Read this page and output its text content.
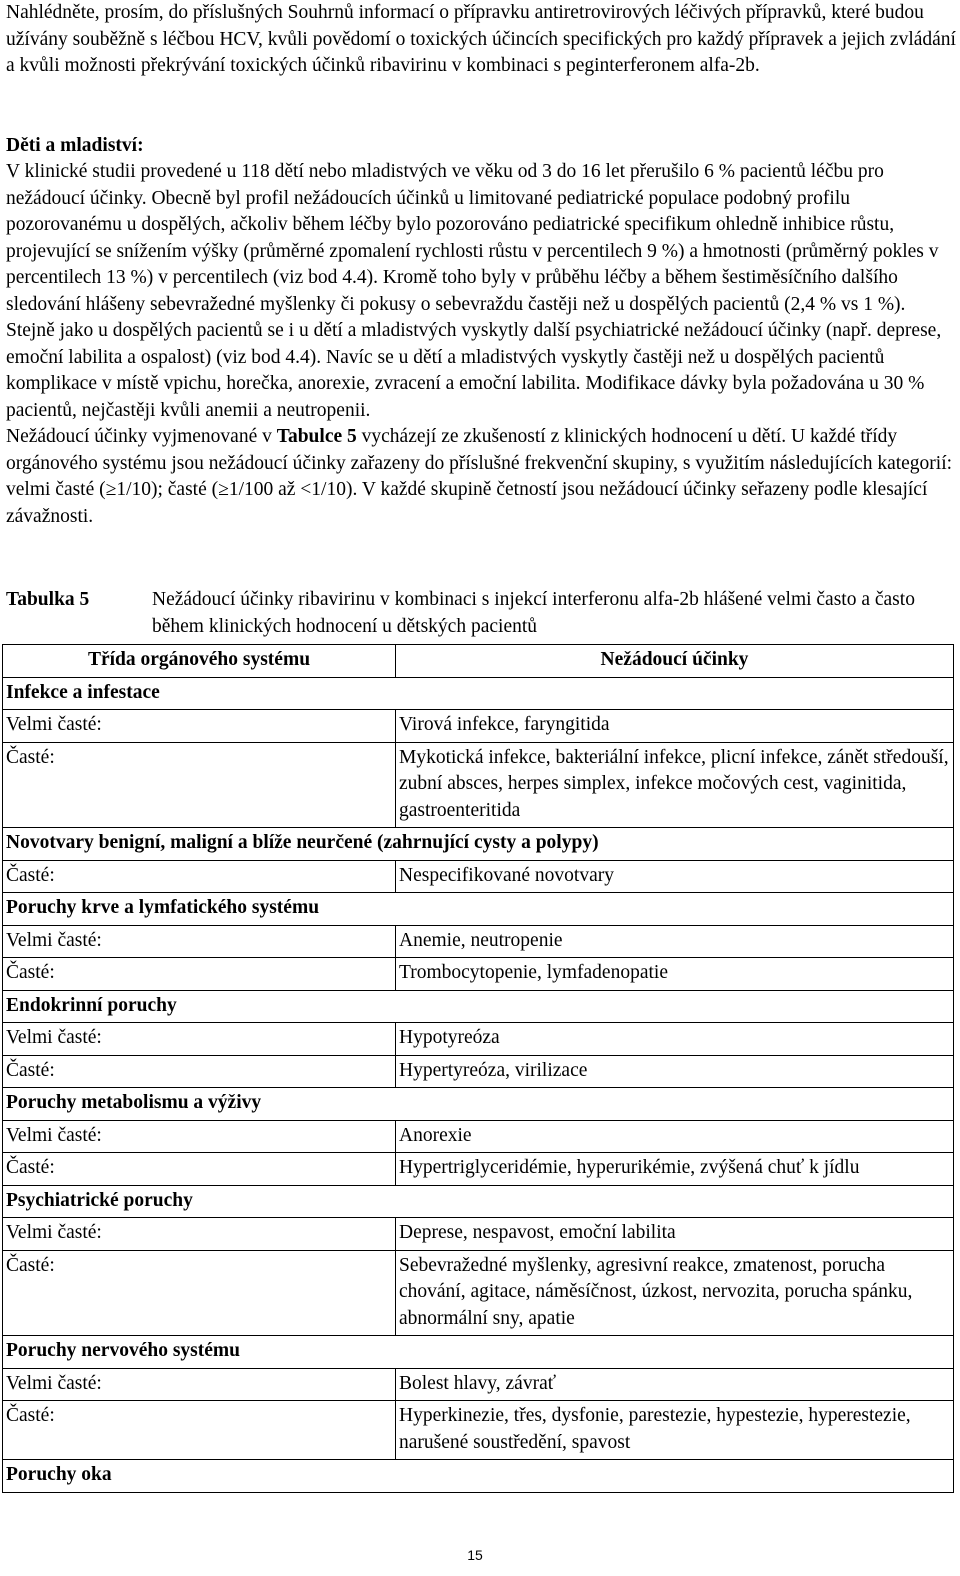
Nahlédněte, prosím, do příslušných Souhrnů informací o přípravku antiretrovirových léčivých přípravků, které budou užívány souběžně s léčbou HCV, kvůli povědomí o toxických účincích specifických pro každý přípravek a jejich zvládání a kvůli možnosti překrývání toxických účinků ribavirinu v kombinaci s peginterferonem alfa-2b.

Děti a mladiství:

V klinické studii provedené u 118 dětí nebo mladistvých ve věku od 3 do 16 let přerušilo 6 % pacientů léčbu pro nežádoucí účinky. Obecně byl profil nežádoucích účinků u limitované pediatrické populace podobný profilu pozorovanému u dospělých, ačkoliv během léčby bylo pozorováno pediatrické specifikum ohledně inhibice růstu, projevující se snížením výšky (průměrné zpomalení rychlosti růstu v percentilech 9 %) a hmotnosti (průměrný pokles v percentilech 13 %) v percentilech (viz bod 4.4). Kromě toho byly v průběhu léčby a během šestiměsíčního dalšího sledování hlášeny sebevražedné myšlenky či pokusy o sebevraždu častěji než u dospělých pacientů (2,4 % vs 1 %). Stejně jako u dospělých pacientů se i u dětí a mladistvých vyskytly další psychiatrické nežádoucí účinky (např. deprese, emoční labilita a ospalost) (viz bod 4.4). Navíc se u dětí a mladistvých vyskytly častěji než u dospělých pacientů komplikace v místě vpichu, horečka, anorexie, zvracení a emoční labilita. Modifikace dávky byla požadována u 30 % pacientů, nejčastěji kvůli anemii a neutropenii.
Nežádoucí účinky vyjmenované v Tabulce 5 vycházejí ze zkušeností z klinických hodnocení u dětí. U každé třídy orgánového systému jsou nežádoucí účinky zařazeny do příslušné frekvenční skupiny, s využitím následujících kategorií: velmi časté (≥1/10); časté (≥1/100 až <1/10). V každé skupině četností jsou nežádoucí účinky seřazeny podle klesající závažnosti.
Tabulka 5	Nežádoucí účinky ribavirinu v kombinaci s injekcí interferonu alfa-2b hlášené velmi často a často během klinických hodnocení u dětských pacientů
Třída orgánového systému	Nežádoucí účinky
Infekce a infestace	
Velmi časté:	Virová infekce, faryngitida
Časté:	Mykotická infekce, bakteriální infekce, plicní infekce, zánět středouší, zubní absces, herpes simplex, infekce močových cest, vaginitida, gastroenteritida
Novotvary benigní, maligní a blíže neurčené (zahrnující cysty a polypy)	
Časté:	Nespecifikované novotvary
Poruchy krve a lymfatického systému	
Velmi časté:	Anemie, neutropenie
Časté:	Trombocytopenie, lymfadenopatie
Endokrinní poruchy	
Velmi časté:	Hypotyreóza
Časté:	Hypertyreóza, virilizace
Poruchy metabolismu a výživy	
Velmi časté:	Anorexie
Časté:	Hypertriglyceridémie, hyperurikémie, zvýšená chuť k jídlu
Psychiatrické poruchy	
Velmi časté:	Deprese, nespavost, emoční labilita
Časté:	Sebevražedné myšlenky, agresivní reakce, zmatenost, porucha chování, agitace, náměsíčnost, úzkost, nervozita, porucha spánku, abnormální sny, apatie
Poruchy nervového systému	
Velmi časté:	Bolest hlavy, závrať
Časté:	Hyperkinezie, třes, dysfonie, parestezie, hypestezie, hyperestezie, narušené soustředění, spavost
Poruchy oka	
15
